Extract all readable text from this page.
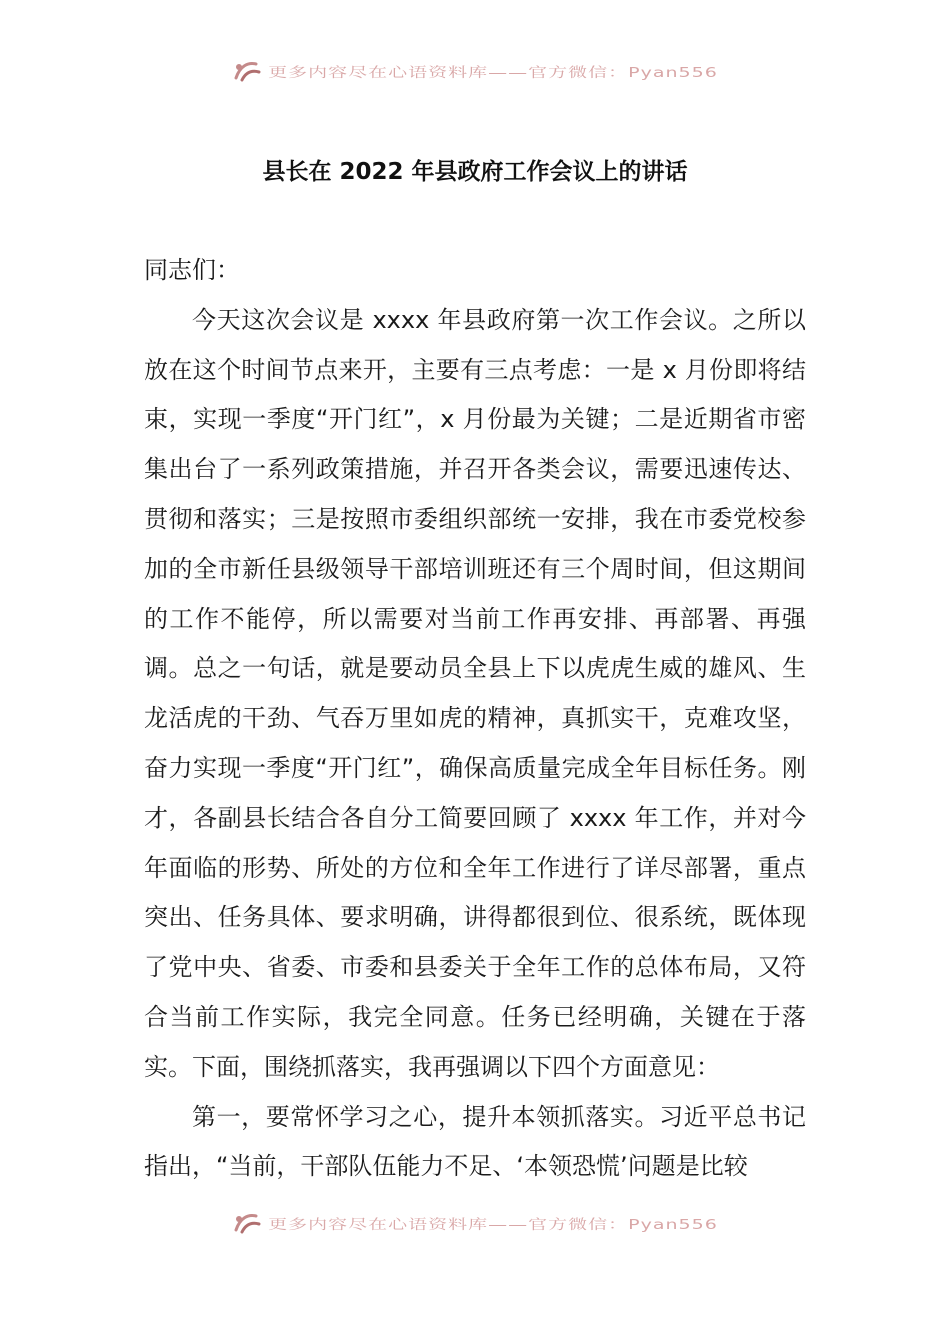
更多内容尽在心语资料库——官方微信：Pyan556
县长在 2022 年县政府工作会议上的讲话

同志们：

今天这次会议是 xxxx 年县政府第一次工作会议。之所以放在这个时间节点来开，主要有三点考虑：一是 x 月份即将结束，实现一季度“开门红”，x 月份最为关键；二是近期省市密集出台了一系列政策措施，并召开各类会议，需要迅速传达、贯彻和落实；三是按照市委组织部统一安排，我在市委党校参加的全市新任县级领导干部培训班还有三个周时间，但这期间的工作不能停，所以需要对当前工作再安排、再部署、再强调。总之一句话，就是要动员全县上下以虎虎生威的雄风、生龙活虎的干劲、气吞万里如虎的精神，真抓实干，克难攻坚，奋力实现一季度“开门红”，确保高质量完成全年目标任务。刚才，各副县长结合各自分工简要回顾了 xxxx 年工作，并对今年面临的形势、所处的方位和全年工作进行了详尽部署，重点突出、任务具体、要求明确，讲得都很到位、很系统，既体现了党中央、省委、市委和县委关于全年工作的总体布局，又符合当前工作实际，我完全同意。任务已经明确，关键在于落实。下面，围绕抓落实，我再强调以下四个方面意见：

第一，要常怀学习之心，提升本领抓落实。习近平总书记指出，“当前，干部队伍能力不足、‘本领恐慌’问题是比较

更多内容尽在心语资料库——官方微信：Pyan556
